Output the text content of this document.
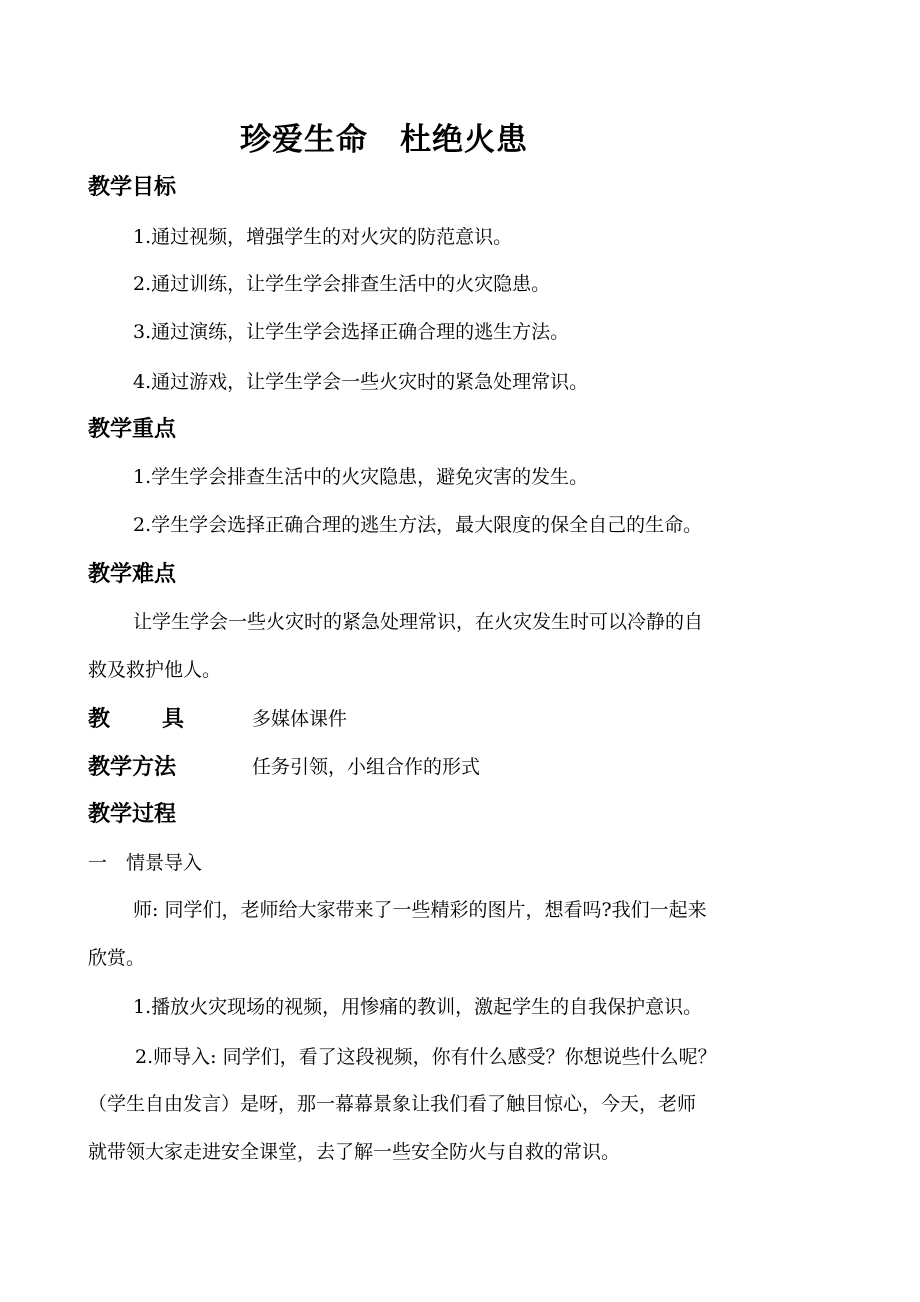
珍爱生命　杜绝火患
教学目标
1.通过视频，增强学生的对火灾的防范意识。
2.通过训练，让学生学会排查生活中的火灾隐患。
3.通过演练，让学生学会选择正确合理的逃生方法。
4.通过游戏，让学生学会一些火灾时的紧急处理常识。
教学重点
1.学生学会排查生活中的火灾隐患，避免灾害的发生。
2.学生学会选择正确合理的逃生方法，最大限度的保全自己的生命。
教学难点
让学生学会一些火灾时的紧急处理常识，在火灾发生时可以冷静的自
救及救护他人。
教 具	多媒体课件
教学方法	任务引领，小组合作的形式
教学过程
一　情景导入
师: 同学们，老师给大家带来了一些精彩的图片，想看吗?我们一起来
欣赏。
1.播放火灾现场的视频，用惨痛的教训，激起学生的自我保护意识。
2.师导入: 同学们，看了这段视频，你有什么感受？你想说些什么呢？
（学生自由发言）是呀，那一幕幕景象让我们看了触目惊心，今天，老师
就带领大家走进安全课堂，去了解一些安全防火与自救的常识。
